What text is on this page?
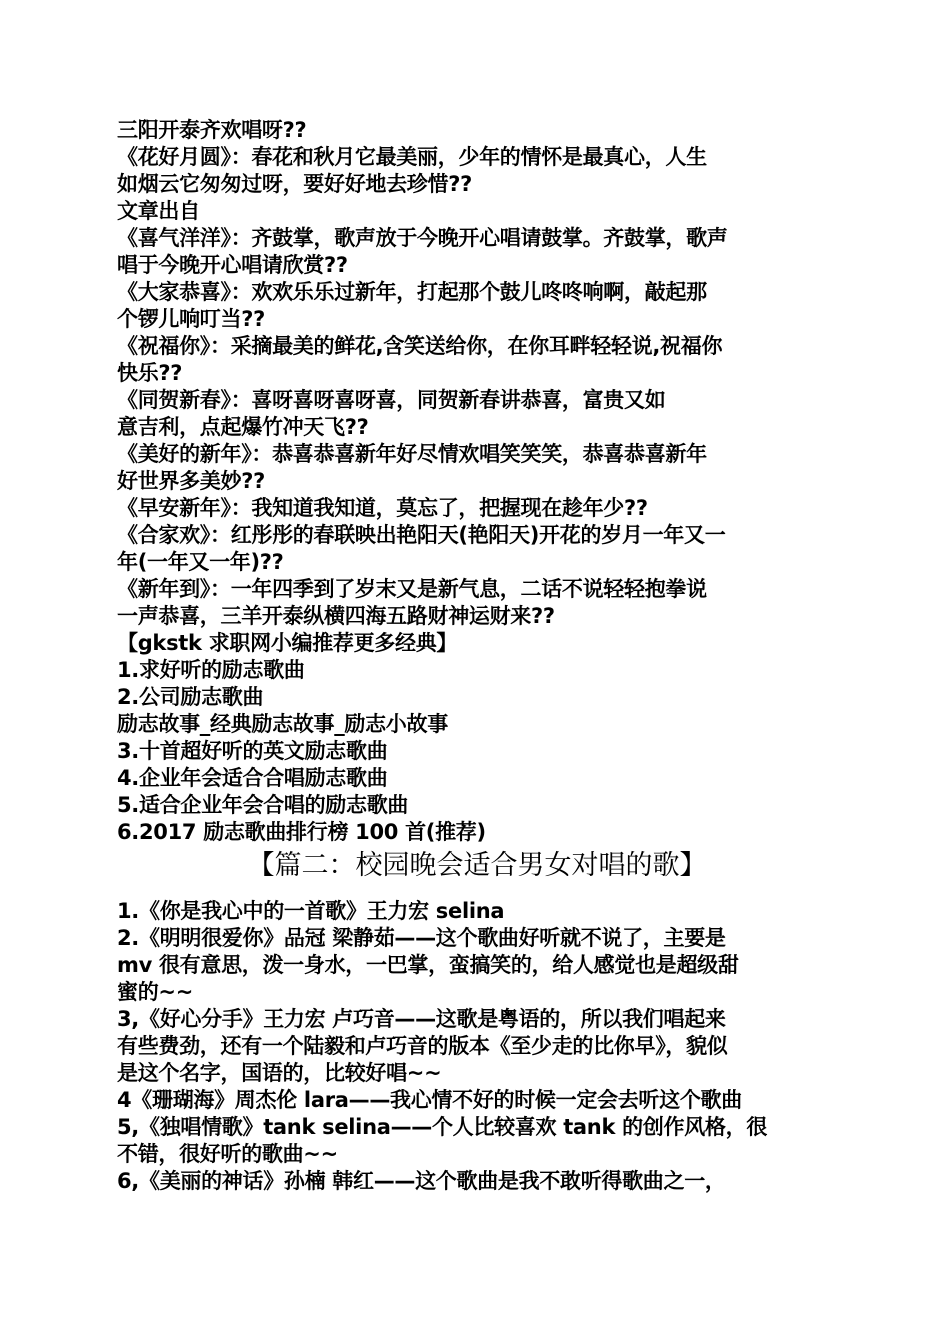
三阳开泰齐欢唱呀??
《花好月圆》：春花和秋月它最美丽，少年的情怀是最真心，人生
如烟云它匆匆过呀，要好好地去珍惜??
文章出自
《喜气洋洋》：齐鼓掌，歌声放于今晚开心唱请鼓掌。齐鼓掌，歌声
唱于今晚开心唱请欣赏??
《大家恭喜》：欢欢乐乐过新年，打起那个鼓儿咚咚响啊，敲起那
个锣儿响叮当??
《祝福你》：采摘最美的鲜花,含笑送给你，在你耳畔轻轻说,祝福你
快乐??
《同贺新春》：喜呀喜呀喜呀喜，同贺新春讲恭喜，富贵又如
意吉利，点起爆竹冲天飞??
《美好的新年》：恭喜恭喜新年好尽情欢唱笑笑笑，恭喜恭喜新年
好世界多美妙??
《早安新年》：我知道我知道，莫忘了，把握现在趁年少??
《合家欢》：红彤彤的春联映出艳阳天(艳阳天)开花的岁月一年又一
年(一年又一年)??
《新年到》：一年四季到了岁末又是新气息，二话不说轻轻抱拳说
一声恭喜，三羊开泰纵横四海五路财神运财来??
【gkstk 求职网小编推荐更多经典】
1.求好听的励志歌曲
2.公司励志歌曲
励志故事_经典励志故事_励志小故事
3.十首超好听的英文励志歌曲
4.企业年会适合合唱励志歌曲
5.适合企业年会合唱的励志歌曲
6.2017 励志歌曲排行榜 100 首(推荐)
【篇二：校园晚会适合男女对唱的歌】
1.《你是我心中的一首歌》王力宏 selina
2.《明明很爱你》品冠 梁静茹——这个歌曲好听就不说了，主要是
mv 很有意思，泼一身水，一巴掌，蛮搞笑的，给人感觉也是超级甜
蜜的~~
3,《好心分手》王力宏 卢巧音——这歌是粤语的，所以我们唱起来
有些费劲，还有一个陆毅和卢巧音的版本《至少走的比你早》，貌似
是这个名字，国语的，比较好唱~~
4《珊瑚海》周杰伦 lara——我心情不好的时候一定会去听这个歌曲
5,《独唱情歌》tank selina——个人比较喜欢 tank 的创作风格，很
不错，很好听的歌曲~~
6,《美丽的神话》孙楠 韩红——这个歌曲是我不敢听得歌曲之一，
